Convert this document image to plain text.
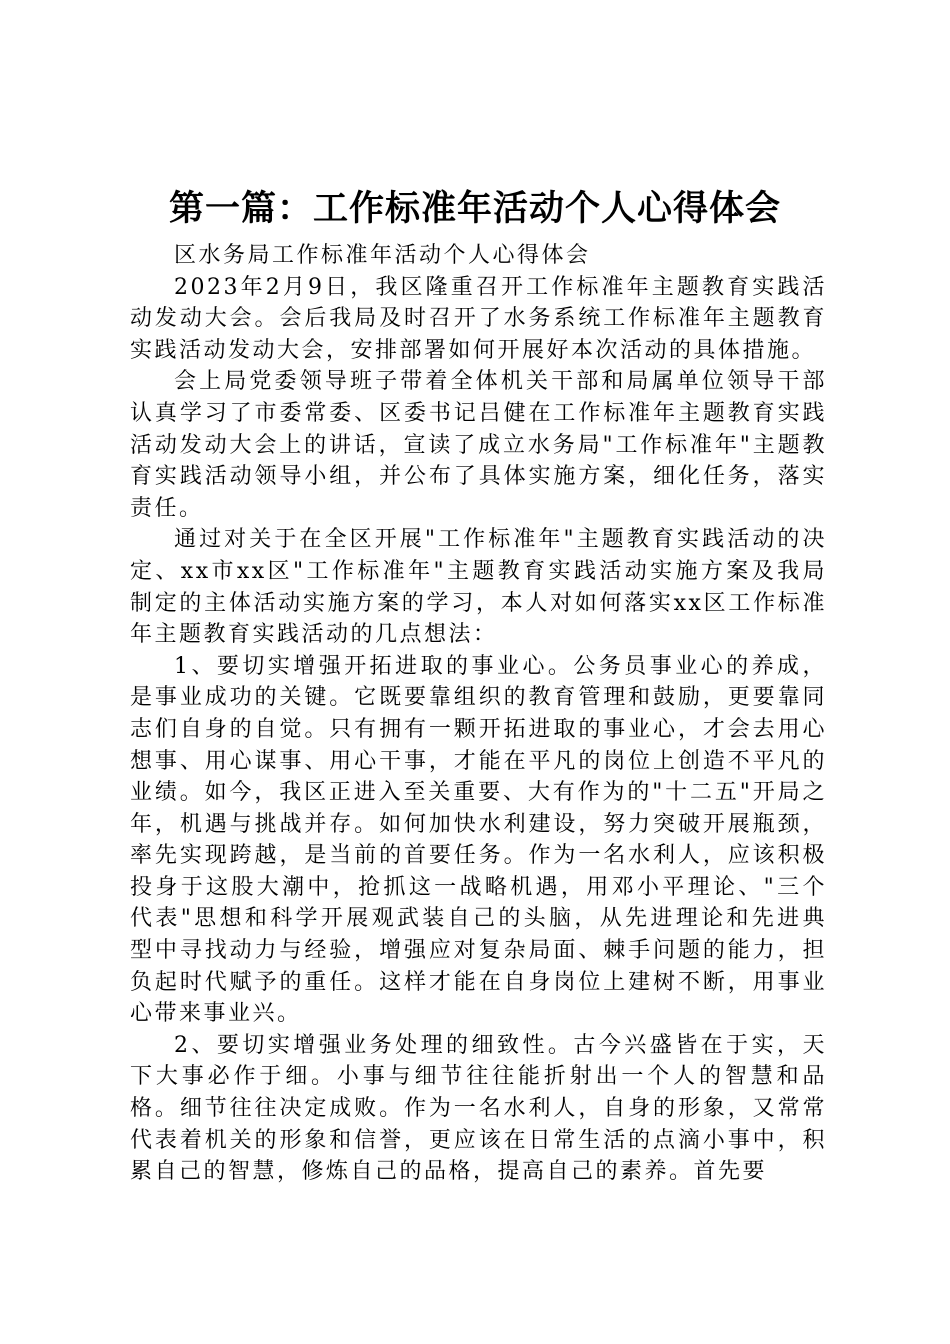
第一篇：工作标准年活动个人心得体会

区水务局工作标准年活动个人心得体会

2023年2月9日，我区隆重召开工作标准年主题教育实践活动发动大会。会后我局及时召开了水务系统工作标准年主题教育实践活动发动大会，安排部署如何开展好本次活动的具体措施。

会上局党委领导班子带着全体机关干部和局属单位领导干部认真学习了市委常委、区委书记吕健在工作标准年主题教育实践活动发动大会上的讲话，宣读了成立水务局"工作标准年"主题教育实践活动领导小组，并公布了具体实施方案，细化任务，落实责任。

通过对关于在全区开展"工作标准年"主题教育实践活动的决定、xx市xx区"工作标准年"主题教育实践活动实施方案及我局制定的主体活动实施方案的学习，本人对如何落实xx区工作标准年主题教育实践活动的几点想法：

1、要切实增强开拓进取的事业心。公务员事业心的养成，是事业成功的关键。它既要靠组织的教育管理和鼓励，更要靠同志们自身的自觉。只有拥有一颗开拓进取的事业心，才会去用心想事、用心谋事、用心干事，才能在平凡的岗位上创造不平凡的业绩。如今，我区正进入至关重要、大有作为的"十二五"开局之年，机遇与挑战并存。如何加快水利建设，努力突破开展瓶颈，率先实现跨越，是当前的首要任务。作为一名水利人，应该积极投身于这股大潮中，抢抓这一战略机遇，用邓小平理论、"三个代表"思想和科学开展观武装自己的头脑，从先进理论和先进典型中寻找动力与经验，增强应对复杂局面、棘手问题的能力，担负起时代赋予的重任。这样才能在自身岗位上建树不断，用事业心带来事业兴。

2、要切实增强业务处理的细致性。古今兴盛皆在于实，天下大事必作于细。小事与细节往往能折射出一个人的智慧和品格。细节往往决定成败。作为一名水利人，自身的形象，又常常代表着机关的形象和信誉，更应该在日常生活的点滴小事中，积累自己的智慧，修炼自己的品格，提高自己的素养。首先要
